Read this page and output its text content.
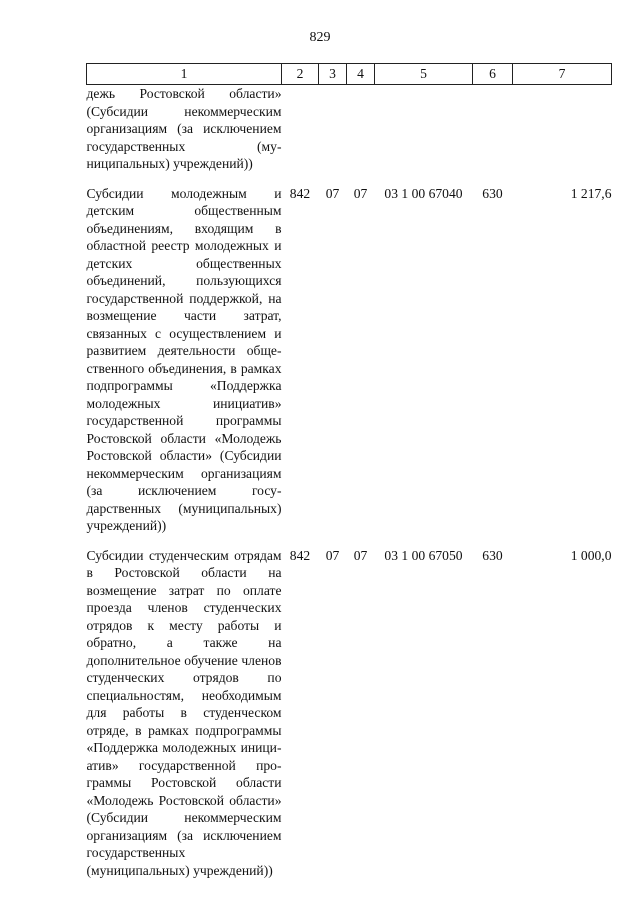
829
1	2	3	4	5	6	7
дежь Ростовской области» (Субсидии некоммерческим организациям (за исключением государственных (муниципальных) учреждений))						

Субсидии молодежным и детским общественным объединениям, входящим в областной реестр молодежных и детских общественных объединений, пользующихся государственной поддержкой, на возмещение части затрат, связанных с осуществлением и развитием деятельности общественного объединения, в рамках подпрограммы «Поддержка молодежных инициатив» государственной программы Ростовской области «Молодежь Ростовской области» (Субсидии некоммерческим организациям (за исключением государственных (муниципальных) учреждений))	842	07	07	03 1 00 67040	630	1 217,6

Субсидии студенческим отрядам в Ростовской области на возмещение затрат по оплате проезда членов студенческих отрядов к месту работы и обратно, а также на дополнительное обучение членов студенческих отрядов по специальностям, необходимым для работы в студенческом отряде, в рамках подпрограммы «Поддержка молодежных инициатив» государственной программы Ростовской области «Молодежь Ростовской области» (Субсидии некоммерческим организациям (за исключением государственных (муниципальных) учреждений))	842	07	07	03 1 00 67050	630	1 000,0
